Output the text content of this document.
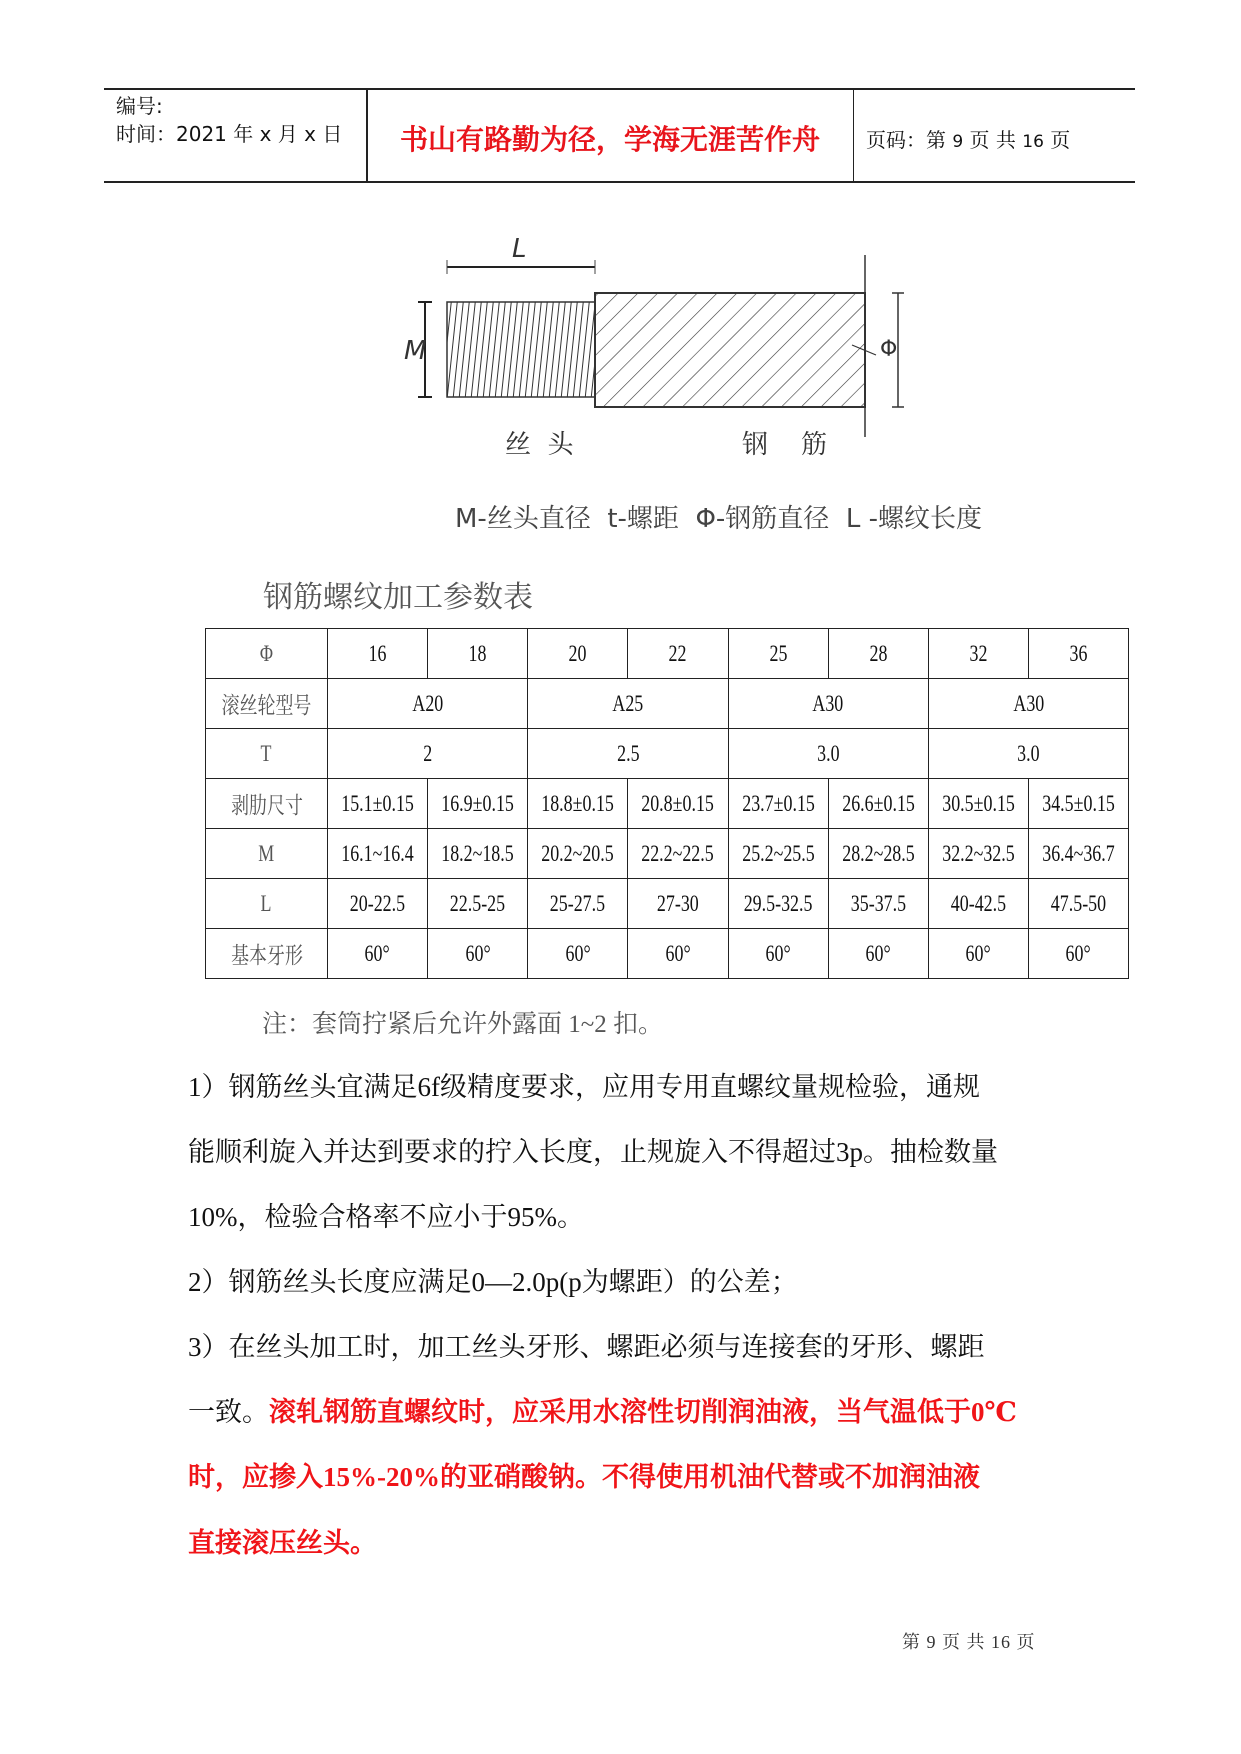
编号:
时间：2021 年 x 月 x 日	书山有路勤为径，学海无涯苦作舟	页码：第 9 页 共 16 页
L
M	Φ
丝  头	钢    筋
M-丝头直径  t-螺距  Φ-钢筋直径  L -螺纹长度
钢筋螺纹加工参数表
Φ	16	18	20	22	25	28	32	36
滚丝轮型号	A20		A25		A30		A30	
T	2		2.5		3.0		3.0	
剥肋尺寸	15.1±0.15	16.9±0.15	18.8±0.15	20.8±0.15	23.7±0.15	26.6±0.15	30.5±0.15	34.5±0.15
M	16.1~16.4	18.2~18.5	20.2~20.5	22.2~22.5	25.2~25.5	28.2~28.5	32.2~32.5	36.4~36.7
L	20-22.5	22.5-25	25-27.5	27-30	29.5-32.5	35-37.5	40-42.5	47.5-50
基本牙形	60°	60°	60°	60°	60°	60°	60°	60°
注：套筒拧紧后允许外露面 1~2 扣。
1）钢筋丝头宜满足6f级精度要求，应用专用直螺纹量规检验，通规
能顺利旋入并达到要求的拧入长度，止规旋入不得超过3p。抽检数量
10%，检验合格率不应小于95%。
2）钢筋丝头长度应满足0—2.0p(p为螺距）的公差；
3）在丝头加工时，加工丝头牙形、螺距必须与连接套的牙形、螺距
一致。滚轧钢筋直螺纹时，应采用水溶性切削润油液，当气温低于0℃
时，应掺入15%-20%的亚硝酸钠。不得使用机油代替或不加润油液
直接滚压丝头。
第 9 页 共 16 页
